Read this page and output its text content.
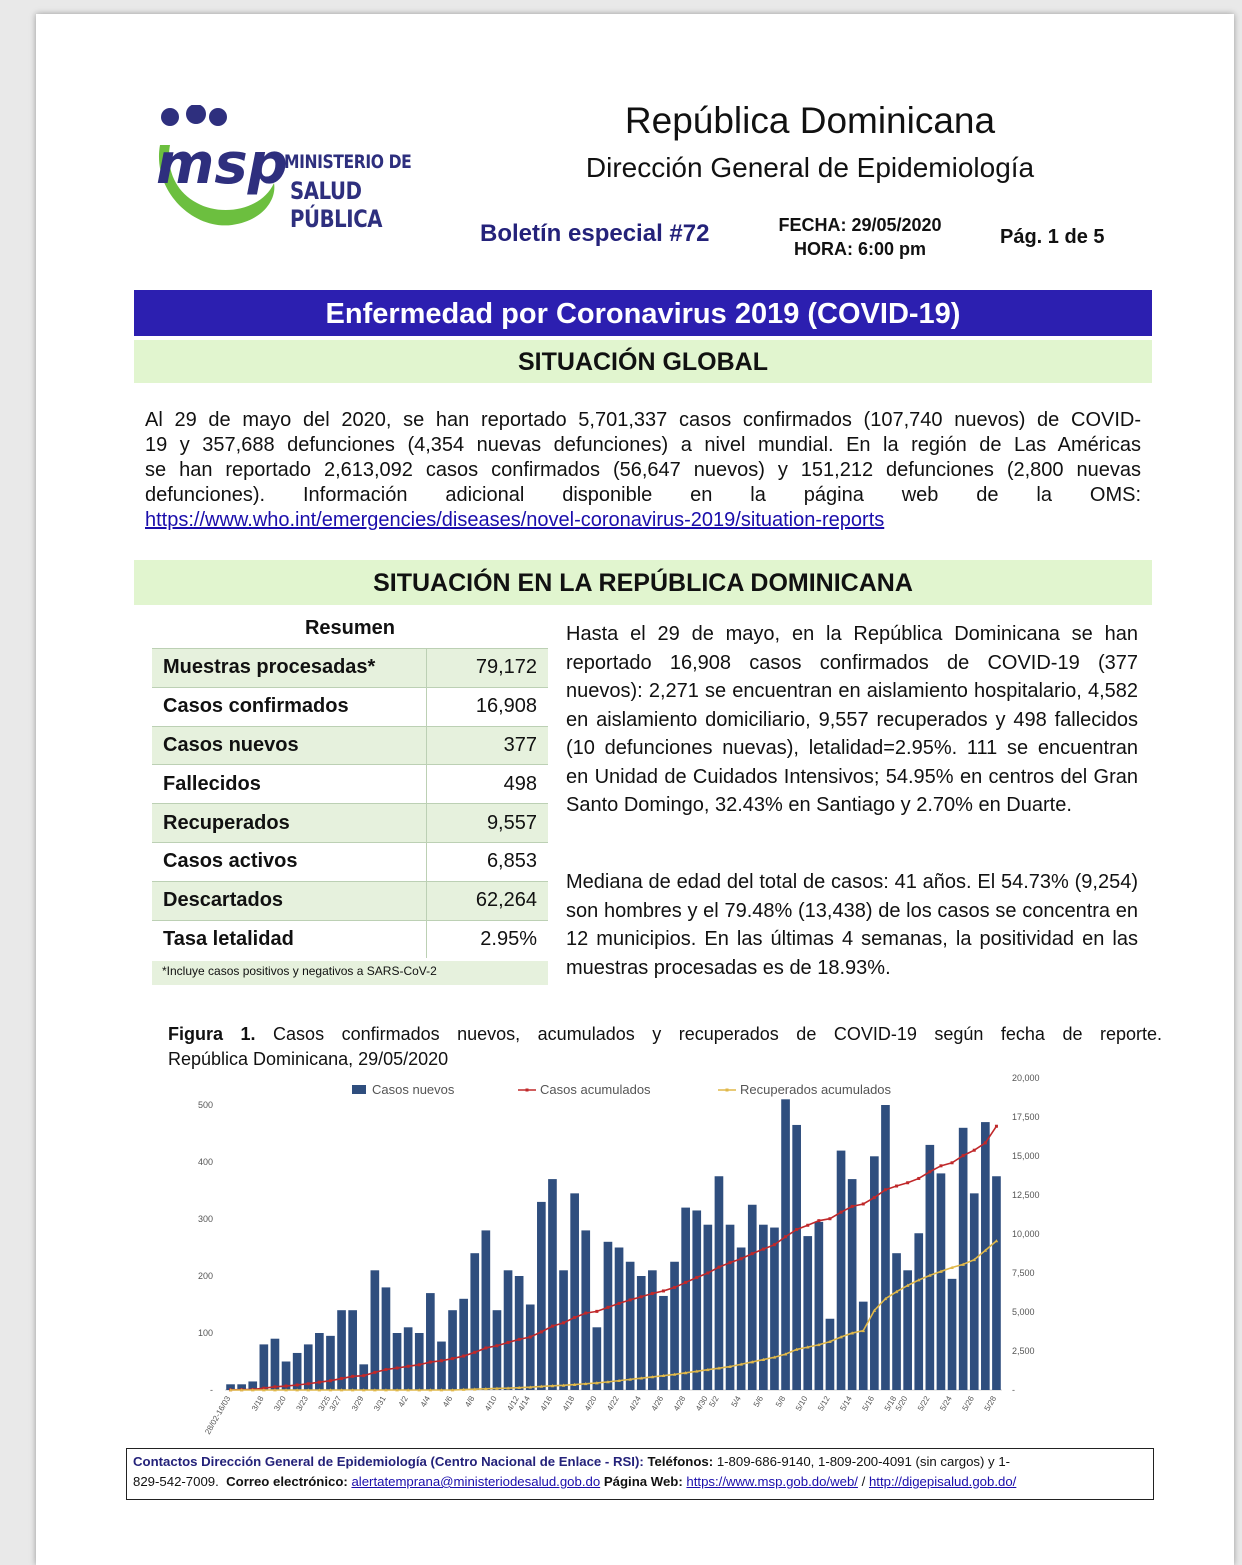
msp
MINISTERIO DE
SALUD PÚBLICA
República Dominicana
Dirección General de Epidemiología
Boletín especial #72	FECHA: 29/05/2020
HORA: 6:00 pm
Pág. 1 de 5
Enfermedad por Coronavirus 2019 (COVID-19)
SITUACIÓN GLOBAL
Al 29 de mayo del 2020, se han reportado 5,701,337 casos confirmados (107,740 nuevos) de COVID-
19 y 357,688 defunciones (4,354 nuevas defunciones) a nivel mundial. En la región de Las Américas
se han reportado 2,613,092 casos confirmados (56,647 nuevos) y 151,212 defunciones (2,800 nuevas
defunciones). Información adicional disponible en la página web de la OMS:
https://www.who.int/emergencies/diseases/novel-coronavirus-2019/situation-reports
SITUACIÓN EN LA REPÚBLICA DOMINICANA
Resumen
Muestras procesadas*	79,172
Casos confirmados	16,908
Casos nuevos	377
Fallecidos	498
Recuperados	9,557
Casos activos	6,853
Descartados	62,264
Tasa letalidad	2.95%
*Incluye casos positivos y negativos a SARS-CoV-2
Hasta el 29 de mayo, en la República Dominicana se han reportado 16,908 casos confirmados de COVID-19 (377 nuevos): 2,271 se encuentran en aislamiento hospitalario, 4,582 en aislamiento domiciliario, 9,557 recuperados y 498 fallecidos (10 defunciones nuevas), letalidad=2.95%. 111 se encuentran en Unidad de Cuidados Intensivos; 54.95% en centros del Gran Santo Domingo, 32.43% en Santiago y 2.70% en Duarte.
Mediana de edad del total de casos: 41 años. El 54.73% (9,254) son hombres y el 79.48% (13,438) de los casos se concentra en 12 municipios. En las últimas 4 semanas, la positividad en las muestras procesadas es de 18.93%.
Figura 1. Casos confirmados nuevos, acumulados y recuperados de COVID-19 según fecha de reporte.
República Dominicana, 29/05/2020
500
400
300
200
100
-
20,000
17,500
15,000
12,500
10,000
7,500
5,000
2,500
-
28/02-16/03 3/18 3/20 3/23 3/25
3/27 3/29 3/31 4/2 4/4 4/6 4/8 4/10 4/12
4/14 4/16 4/18 4/20 4/22 4/24 4/26 4/28 4/30
5/2 5/4 5/6 5/8 5/10 5/12 5/14 5/16 5/18
5/20 5/22 5/24 5/26 5/28
Casos nuevos	Casos acumulados	Recuperados acumulados
Contactos Dirección General de Epidemiología (Centro Nacional de Enlace - RSI): Teléfonos: 1-809-686-9140, 1-809-200-4091 (sin cargos) y 1-
829-542-7009. Correo electrónico: alertatemprana@ministeriodesalud.gob.do Página Web: https://www.msp.gob.do/web/ / http://digepisalud.gob.do/
